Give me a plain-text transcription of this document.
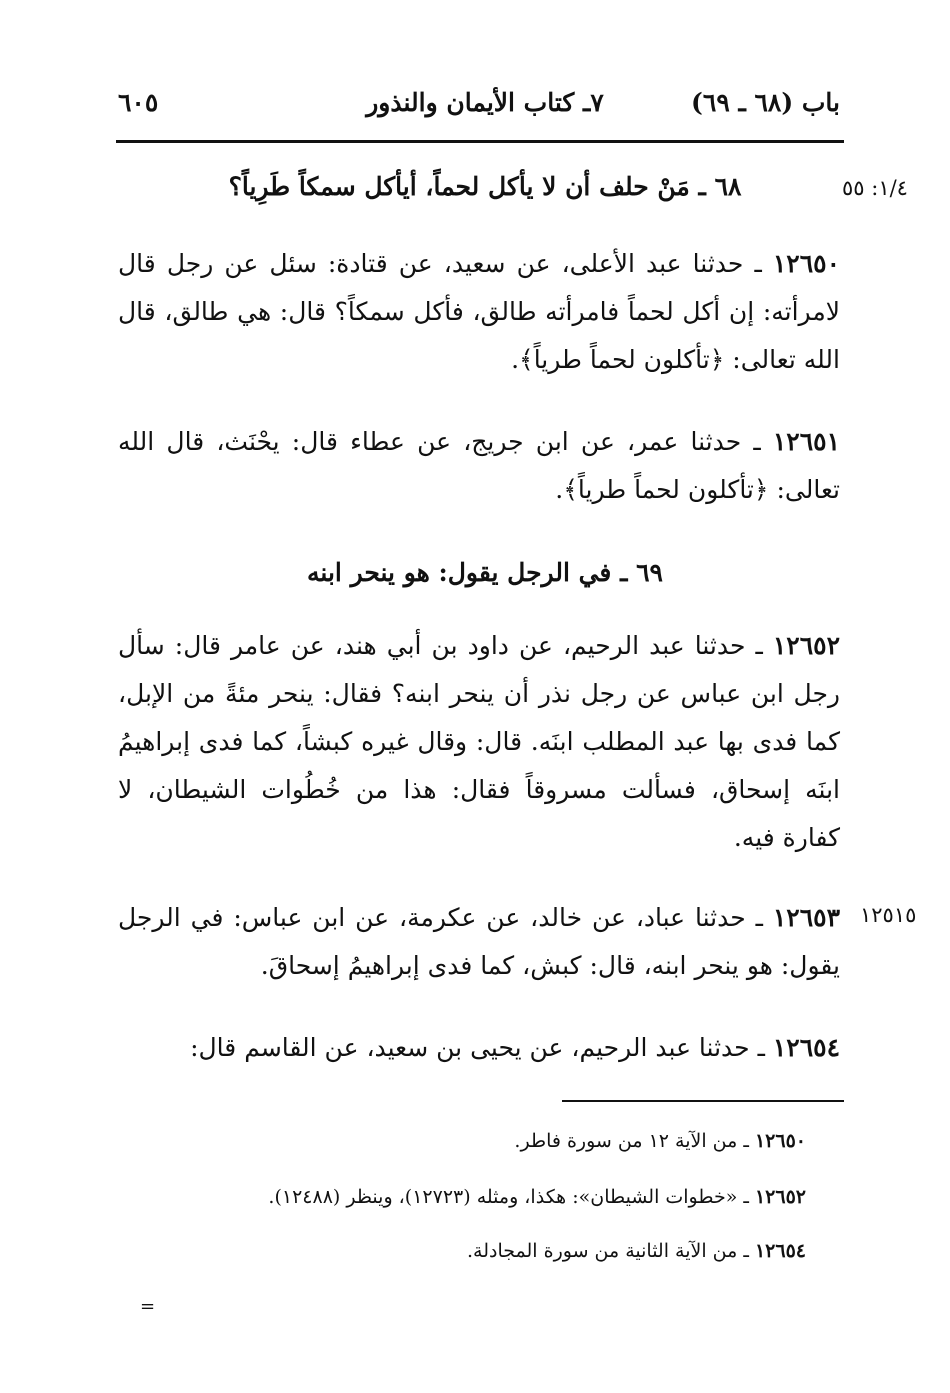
باب (٦٨ ـ ٦٩)
٧ـ كتاب الأيمان والنذور
٦٠٥
١/٤: ٥٥
٦٨ ـ مَنْ حلف أن لا يأكل لحماً، أيأكل سمكاً طَرِياً؟
١٢٦٥٠ ـ حدثنا عبد الأعلى، عن سعيد، عن قتادة: سئل عن رجل قال لامرأته: إن أكل لحماً فامرأته طالق، فأكل سمكاً؟ قال: هي طالق، قال الله تعالى: ﴿تأكلون لحماً طرياً﴾.
١٢٦٥١ ـ حدثنا عمر، عن ابن جريج، عن عطاء قال: يحْنَث، قال الله تعالى: ﴿تأكلون لحماً طرياً﴾.
٦٩ ـ في الرجل يقول: هو ينحر ابنه
١٢٦٥٢ ـ حدثنا عبد الرحيم، عن داود بن أبي هند، عن عامر قال: سأل رجل ابن عباس عن رجل نذر أن ينحر ابنه؟ فقال: ينحر مئةً من الإبل، كما فدى بها عبد المطلب ابنَه. قال: وقال غيره كبشاً، كما فدى إبراهيمُ ابنَه إسحاق، فسألت مسروقاً فقال: هذا من خُطُوات الشيطان، لا كفارة فيه.
١٢٥١٥
١٢٦٥٣ ـ حدثنا عباد، عن خالد، عن عكرمة، عن ابن عباس: في الرجل يقول: هو ينحر ابنه، قال: كبش، كما فدى إبراهيمُ إسحاقَ.
١٢٦٥٤ ـ حدثنا عبد الرحيم، عن يحيى بن سعيد، عن القاسم قال:
١٢٦٥٠ ـ من الآية ١٢ من سورة فاطر.
١٢٦٥٢ ـ «خطوات الشيطان»: هكذا، ومثله (١٢٧٢٣)، وينظر (١٢٤٨٨).
١٢٦٥٤ ـ من الآية الثانية من سورة المجادلة.
=
